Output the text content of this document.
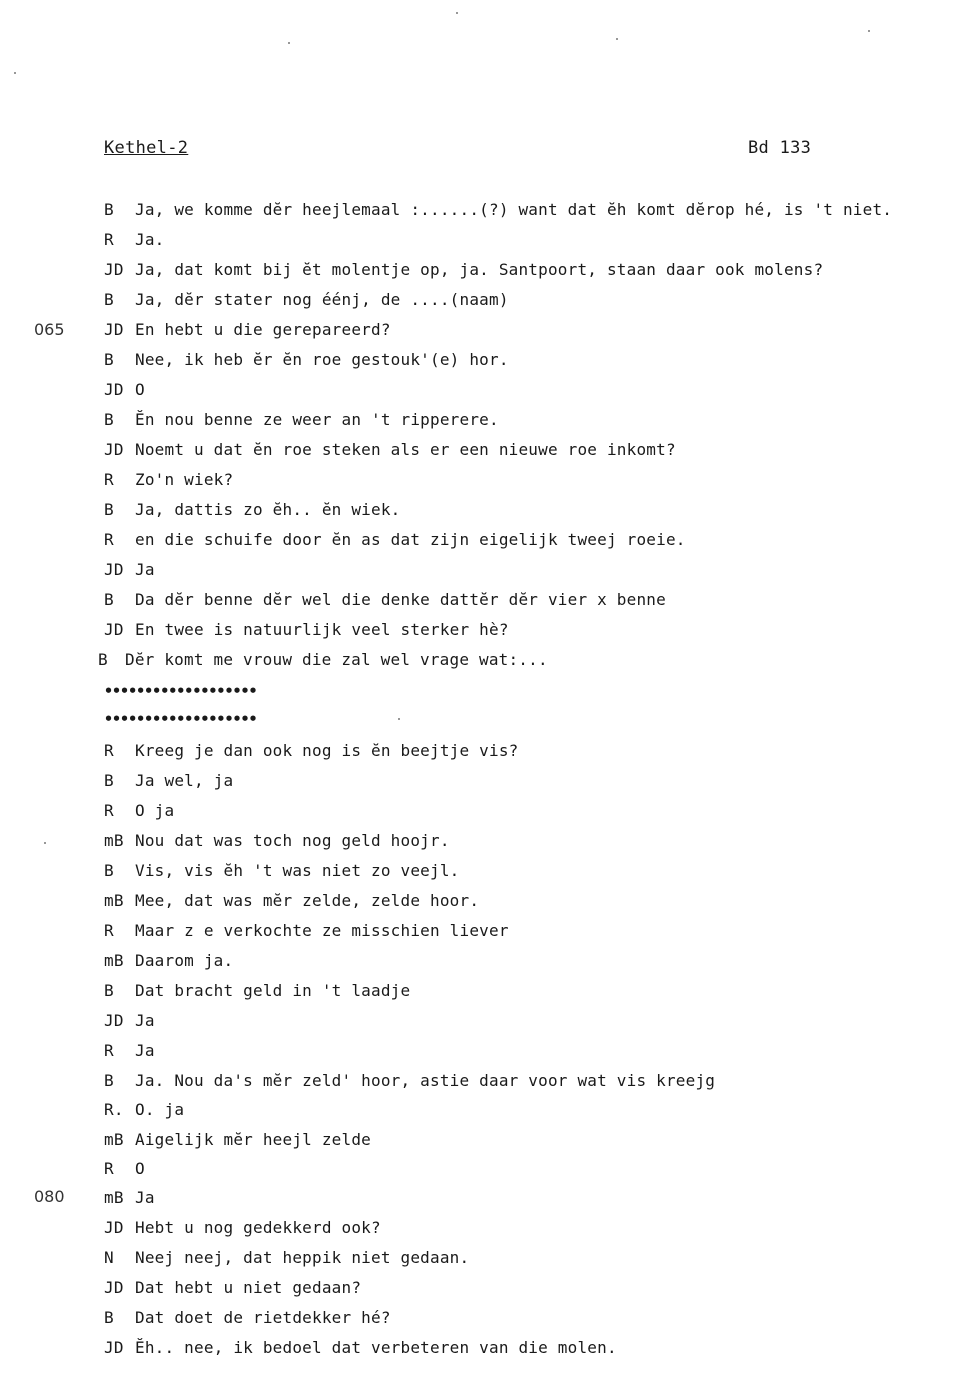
Kethel-2	Bd 133
065
080
B Ja, we komme dĕr heejlemaal :......(?) want dat ĕh komt dĕrop hé, is 't niet.
R Ja.
JD Ja, dat komt bij ĕt molentje op, ja. Santpoort, staan daar ook molens?
B Ja, dĕr stater nog éénj, de ....(naam)
JD En hebt u die gerepareerd?
B Nee, ik heb ĕr ĕn roe gestouk'(e) hor.
JD O
B Ĕn nou benne ze weer an 't ripperere.
JD Noemt u dat ĕn roe steken als er een nieuwe roe inkomt?
R Zo'n wiek?
B Ja, dattis zo ĕh.. ĕn wiek.
R en die schuife door ĕn as dat zijn eigelijk tweej roeie.
JD Ja
B Da dĕr benne dĕr wel die denke dattĕr dĕr vier x benne
JD En twee is natuurlijk veel sterker hè?
B Dĕr komt me vrouw die zal wel vrage wat:...
•••••••••••••••••••
•••••••••••••••••••
R Kreeg je dan ook nog is ĕn beejtje vis?
B Ja wel, ja
R O ja
mB Nou dat was toch nog geld hoojr.
B Vis, vis ĕh 't was niet zo veejl.
mB Mee, dat was mĕr zelde, zelde hoor.
R Maar z e verkochte ze misschien liever
mB Daarom ja.
B Dat bracht geld in 't laadje
JD Ja
R Ja
B Ja. Nou da's mĕr zeld' hoor, astie daar voor wat vis kreejg
R. O. ja
mB Aigelijk mĕr heejl zelde
R O
mB Ja
JD Hebt u nog gedekkerd ook?
N Neej neej, dat heppik niet gedaan.
JD Dat hebt u niet gedaan?
B Dat doet de rietdekker hé?
JD Ĕh.. nee, ik bedoel dat verbeteren van die molen.
